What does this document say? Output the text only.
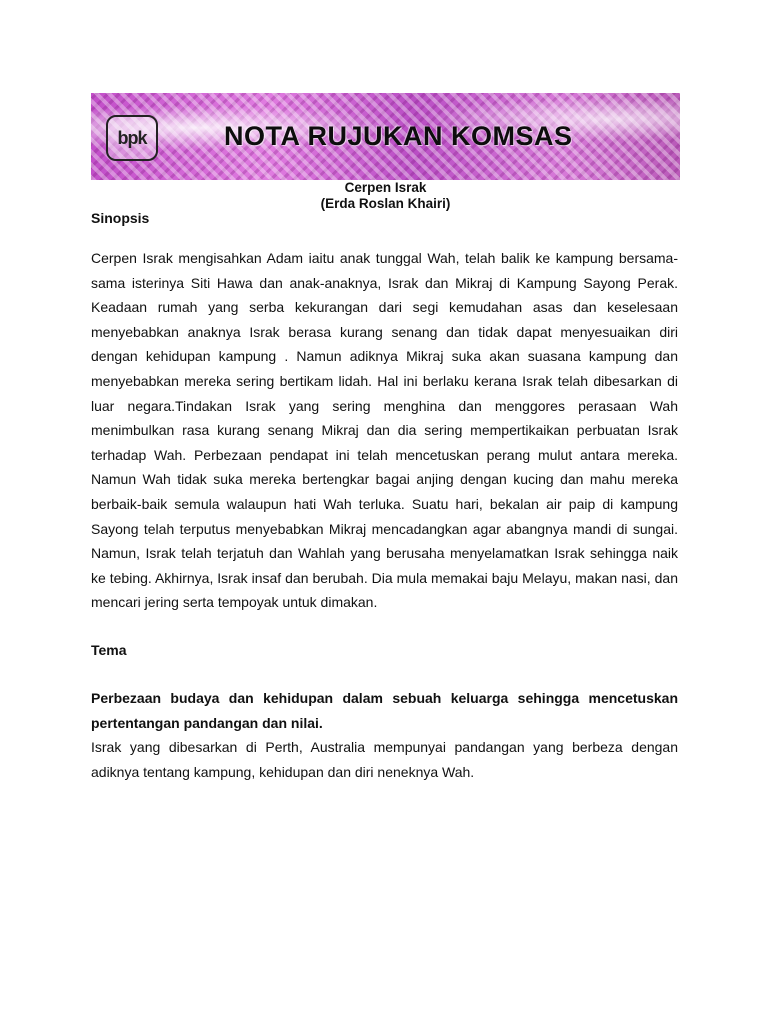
bpk	NOTA RUJUKAN KOMSAS
Cerpen Israk
(Erda Roslan Khairi)
Sinopsis
Cerpen Israk mengisahkan Adam iaitu anak tunggal Wah, telah balik ke kampung bersama-sama isterinya Siti Hawa dan anak-anaknya, Israk dan Mikraj di Kampung Sayong Perak. Keadaan rumah yang serba kekurangan dari segi kemudahan asas dan keselesaan menyebabkan anaknya Israk berasa kurang senang dan tidak dapat menyesuaikan diri dengan kehidupan kampung . Namun adiknya Mikraj suka akan suasana kampung dan menyebabkan mereka sering bertikam lidah. Hal ini berlaku kerana Israk telah dibesarkan di luar negara.Tindakan Israk yang sering menghina dan menggores perasaan Wah menimbulkan rasa kurang senang Mikraj dan dia sering mempertikaikan perbuatan Israk terhadap Wah. Perbezaan pendapat ini telah mencetuskan perang mulut antara mereka. Namun Wah tidak suka mereka bertengkar bagai anjing dengan kucing dan mahu mereka berbaik-baik semula walaupun hati Wah terluka. Suatu hari, bekalan air paip di kampung Sayong telah terputus menyebabkan Mikraj mencadangkan agar abangnya mandi di sungai. Namun, Israk telah terjatuh dan Wahlah yang berusaha menyelamatkan Israk sehingga naik ke tebing. Akhirnya, Israk insaf dan berubah. Dia mula memakai baju Melayu, makan nasi, dan mencari jering serta tempoyak untuk dimakan.
Tema
Perbezaan budaya dan kehidupan dalam sebuah keluarga sehingga mencetuskan pertentangan pandangan dan nilai.
Israk yang dibesarkan di Perth, Australia mempunyai pandangan yang berbeza dengan adiknya tentang kampung, kehidupan dan diri neneknya Wah.
